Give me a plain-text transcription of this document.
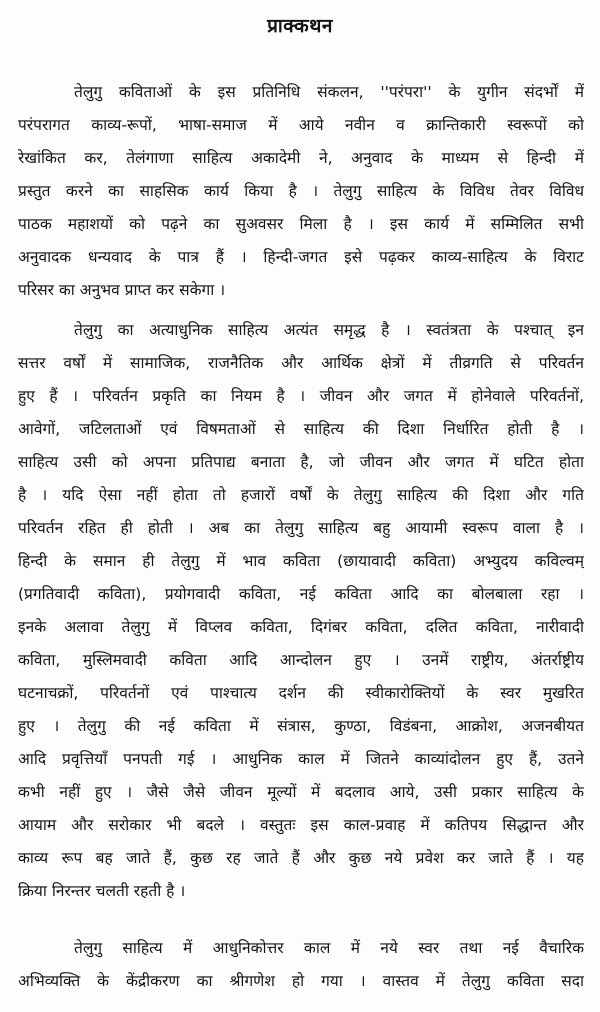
प्राक्कथन
तेलुगु कविताओं के इस प्रतिनिधि संकलन, ''परंपरा'' के युगीन संदर्भों में
परंपरागत काव्य-रूपों, भाषा-समाज में आये नवीन व क्रान्तिकारी स्वरूपों को
रेखांकित कर, तेलंगाणा साहित्य अकादेमी ने, अनुवाद के माध्यम से हिन्दी में
प्रस्तुत करने का साहसिक कार्य किया है । तेलुगु साहित्य के विविध तेवर विविध
पाठक महाशयों को पढ़ने का सुअवसर मिला है । इस कार्य में सम्मिलित सभी
अनुवादक धन्यवाद के पात्र हैं । हिन्दी-जगत इसे पढ़कर काव्य-साहित्य के विराट
परिसर का अनुभव प्राप्त कर सकेगा ।
तेलुगु का अत्याधुनिक साहित्य अत्यंत समृद्ध है । स्वतंत्रता के पश्चात् इन
सत्तर वर्षों में सामाजिक, राजनैतिक और आर्थिक क्षेत्रों में तीव्रगति से परिवर्तन
हुए हैं । परिवर्तन प्रकृति का नियम है । जीवन और जगत में होनेवाले परिवर्तनों,
आवेगों, जटिलताओं एवं विषमताओं से साहित्य की दिशा निर्धारित होती है ।
साहित्य उसी को अपना प्रतिपाद्य बनाता है, जो जीवन और जगत में घटित होता
है । यदि ऐसा नहीं होता तो हजारों वर्षों के तेलुगु साहित्य की दिशा और गति
परिवर्तन रहित ही होती । अब का तेलुगु साहित्य बहु आयामी स्वरूप वाला है ।
हिन्दी के समान ही तेलुगु में भाव कविता (छायावादी कविता) अभ्युदय कविल्वम्
(प्रगतिवादी कविता), प्रयोगवादी कविता, नई कविता आदि का बोलबाला रहा ।
इनके अलावा तेलुगु में विप्लव कविता, दिगंबर कविता, दलित कविता, नारीवादी
कविता, मुस्लिमवादी कविता आदि आन्दोलन हुए । उनमें राष्ट्रीय, अंतर्राष्ट्रीय
घटनाचक्रों, परिवर्तनों एवं पाश्चात्य दर्शन की स्वीकारोक्तियों के स्वर मुखरित
हुए । तेलुगु की नई कविता में संत्रास, कुण्ठा, विडंबना, आक्रोश, अजनबीयत
आदि प्रवृत्तियाँ पनपती गई । आधुनिक काल में जितने काव्यांदोलन हुए हैं, उतने
कभी नहीं हुए । जैसे जैसे जीवन मूल्यों में बदलाव आये, उसी प्रकार साहित्य के
आयाम और सरोकार भी बदले । वस्तुतः इस काल-प्रवाह में कतिपय सिद्धान्त और
काव्य रूप बह जाते हैं, कुछ रह जाते हैं और कुछ नये प्रवेश कर जाते हैं । यह
क्रिया निरन्तर चलती रहती है ।
तेलुगु साहित्य में आधुनिकोत्तर काल में नये स्वर तथा नई वैचारिक
अभिव्यक्ति के केंद्रीकरण का श्रीगणेश हो गया । वास्तव में तेलुगु कविता सदा
